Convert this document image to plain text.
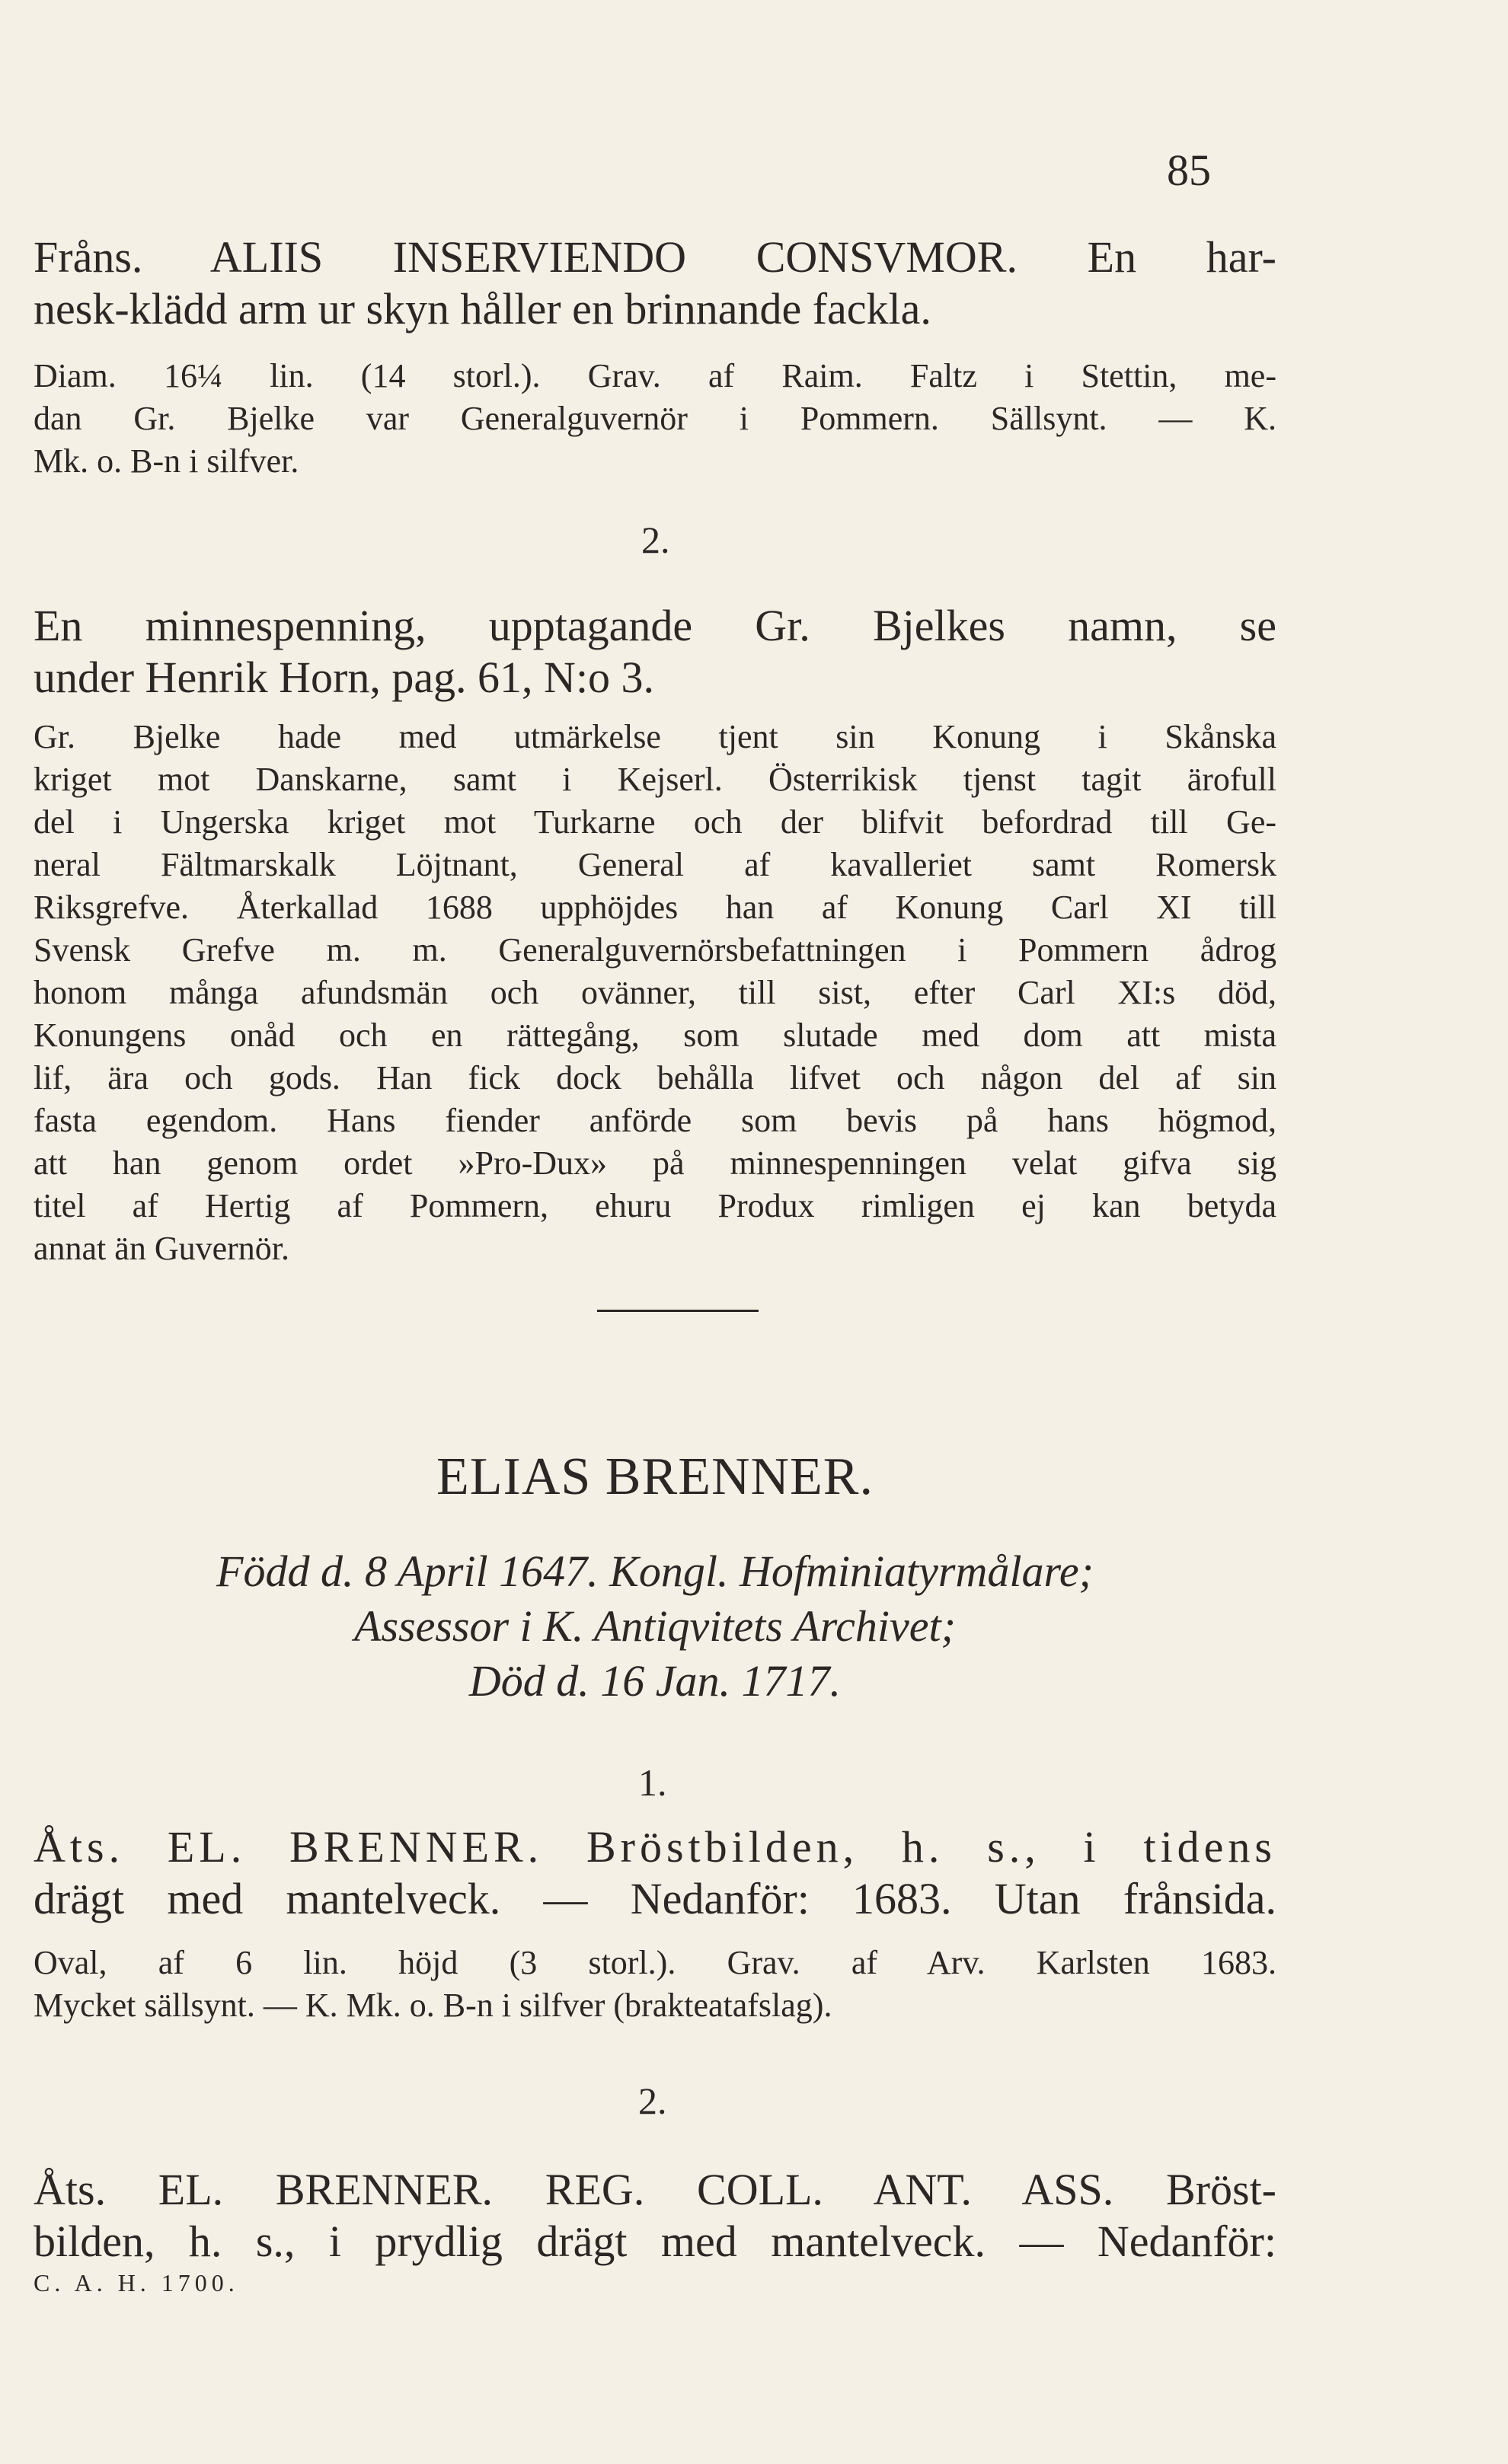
85
Fråns. ALIIS INSERVIENDO CONSVMOR. En har-
nesk-klädd arm ur skyn håller en brinnande fackla.
Diam. 16¼ lin. (14 storl.). Grav. af Raim. Faltz i Stettin, me-
dan Gr. Bjelke var Generalguvernör i Pommern. Sällsynt. — K.
Mk. o. B-n i silfver.
2.
En minnespenning, upptagande Gr. Bjelkes namn, se
under Henrik Horn, pag. 61, N:o 3.
Gr. Bjelke hade med utmärkelse tjent sin Konung i Skånska
kriget mot Danskarne, samt i Kejserl. Österrikisk tjenst tagit ärofull
del i Ungerska kriget mot Turkarne och der blifvit befordrad till Ge-
neral Fältmarskalk Löjtnant, General af kavalleriet samt Romersk
Riksgrefve. Återkallad 1688 upphöjdes han af Konung Carl XI till
Svensk Grefve m. m. Generalguvernörsbefattningen i Pommern ådrog
honom många afundsmän och ovänner, till sist, efter Carl XI:s död,
Konungens onåd och en rättegång, som slutade med dom att mista
lif, ära och gods. Han fick dock behålla lifvet och någon del af sin
fasta egendom. Hans fiender anförde som bevis på hans högmod,
att han genom ordet »Pro-Dux» på minnespenningen velat gifva sig
titel af Hertig af Pommern, ehuru Produx rimligen ej kan betyda
annat än Guvernör.
ELIAS BRENNER.
Född d. 8 April 1647. Kongl. Hofminiatyrmålare;
Assessor i K. Antiqvitets Archivet;
Död d. 16 Jan. 1717.
1.
Åts. EL. BRENNER. Bröstbilden, h. s., i tidens
drägt med mantelveck. — Nedanför: 1683. Utan frånsida.
Oval, af 6 lin. höjd (3 storl.). Grav. af Arv. Karlsten 1683.
Mycket sällsynt. — K. Mk. o. B-n i silfver (brakteatafslag).
2.
Åts. EL. BRENNER. REG. COLL. ANT. ASS. Bröst-
bilden, h. s., i prydlig drägt med mantelveck. — Nedanför:
C. A. H. 1700.
